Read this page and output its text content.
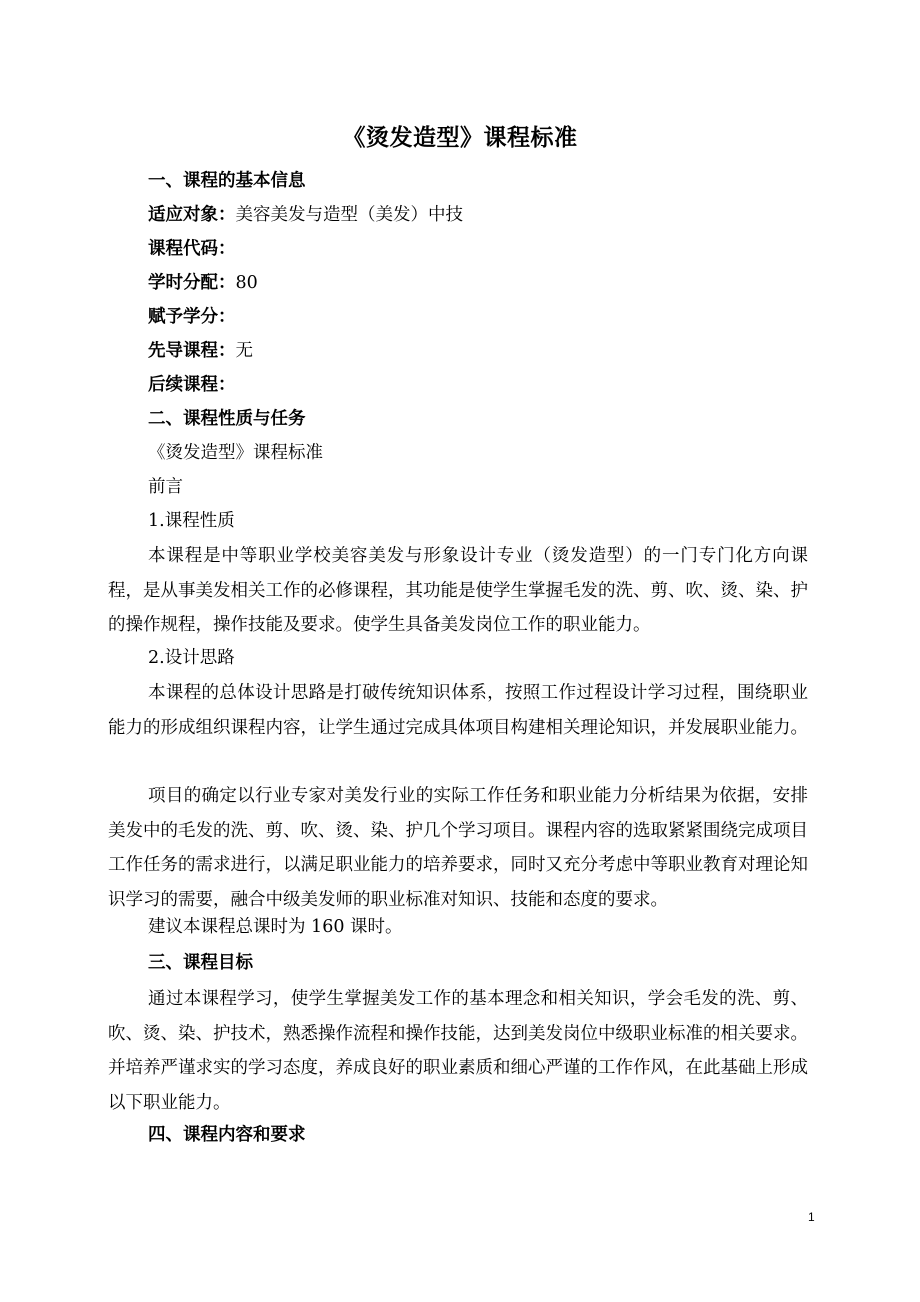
《烫发造型》课程标准
一、课程的基本信息
适应对象：美容美发与造型（美发）中技
课程代码：
学时分配：80
赋予学分：
先导课程：无
后续课程：
二、课程性质与任务
《烫发造型》课程标准
前言
1.课程性质
本课程是中等职业学校美容美发与形象设计专业（烫发造型）的一门专门化方向课程，是从事美发相关工作的必修课程，其功能是使学生掌握毛发的洗、剪、吹、烫、染、护的操作规程，操作技能及要求。使学生具备美发岗位工作的职业能力。
2.设计思路
本课程的总体设计思路是打破传统知识体系，按照工作过程设计学习过程，围绕职业能力的形成组织课程内容，让学生通过完成具体项目构建相关理论知识，并发展职业能力。
项目的确定以行业专家对美发行业的实际工作任务和职业能力分析结果为依据，安排美发中的毛发的洗、剪、吹、烫、染、护几个学习项目。课程内容的选取紧紧围绕完成项目工作任务的需求进行，以满足职业能力的培养要求，同时又充分考虑中等职业教育对理论知识学习的需要，融合中级美发师的职业标准对知识、技能和态度的要求。
建议本课程总课时为 160 课时。
三、课程目标
通过本课程学习，使学生掌握美发工作的基本理念和相关知识，学会毛发的洗、剪、吹、烫、染、护技术，熟悉操作流程和操作技能，达到美发岗位中级职业标准的相关要求。并培养严谨求实的学习态度，养成良好的职业素质和细心严谨的工作作风，在此基础上形成以下职业能力。
四、课程内容和要求
1
